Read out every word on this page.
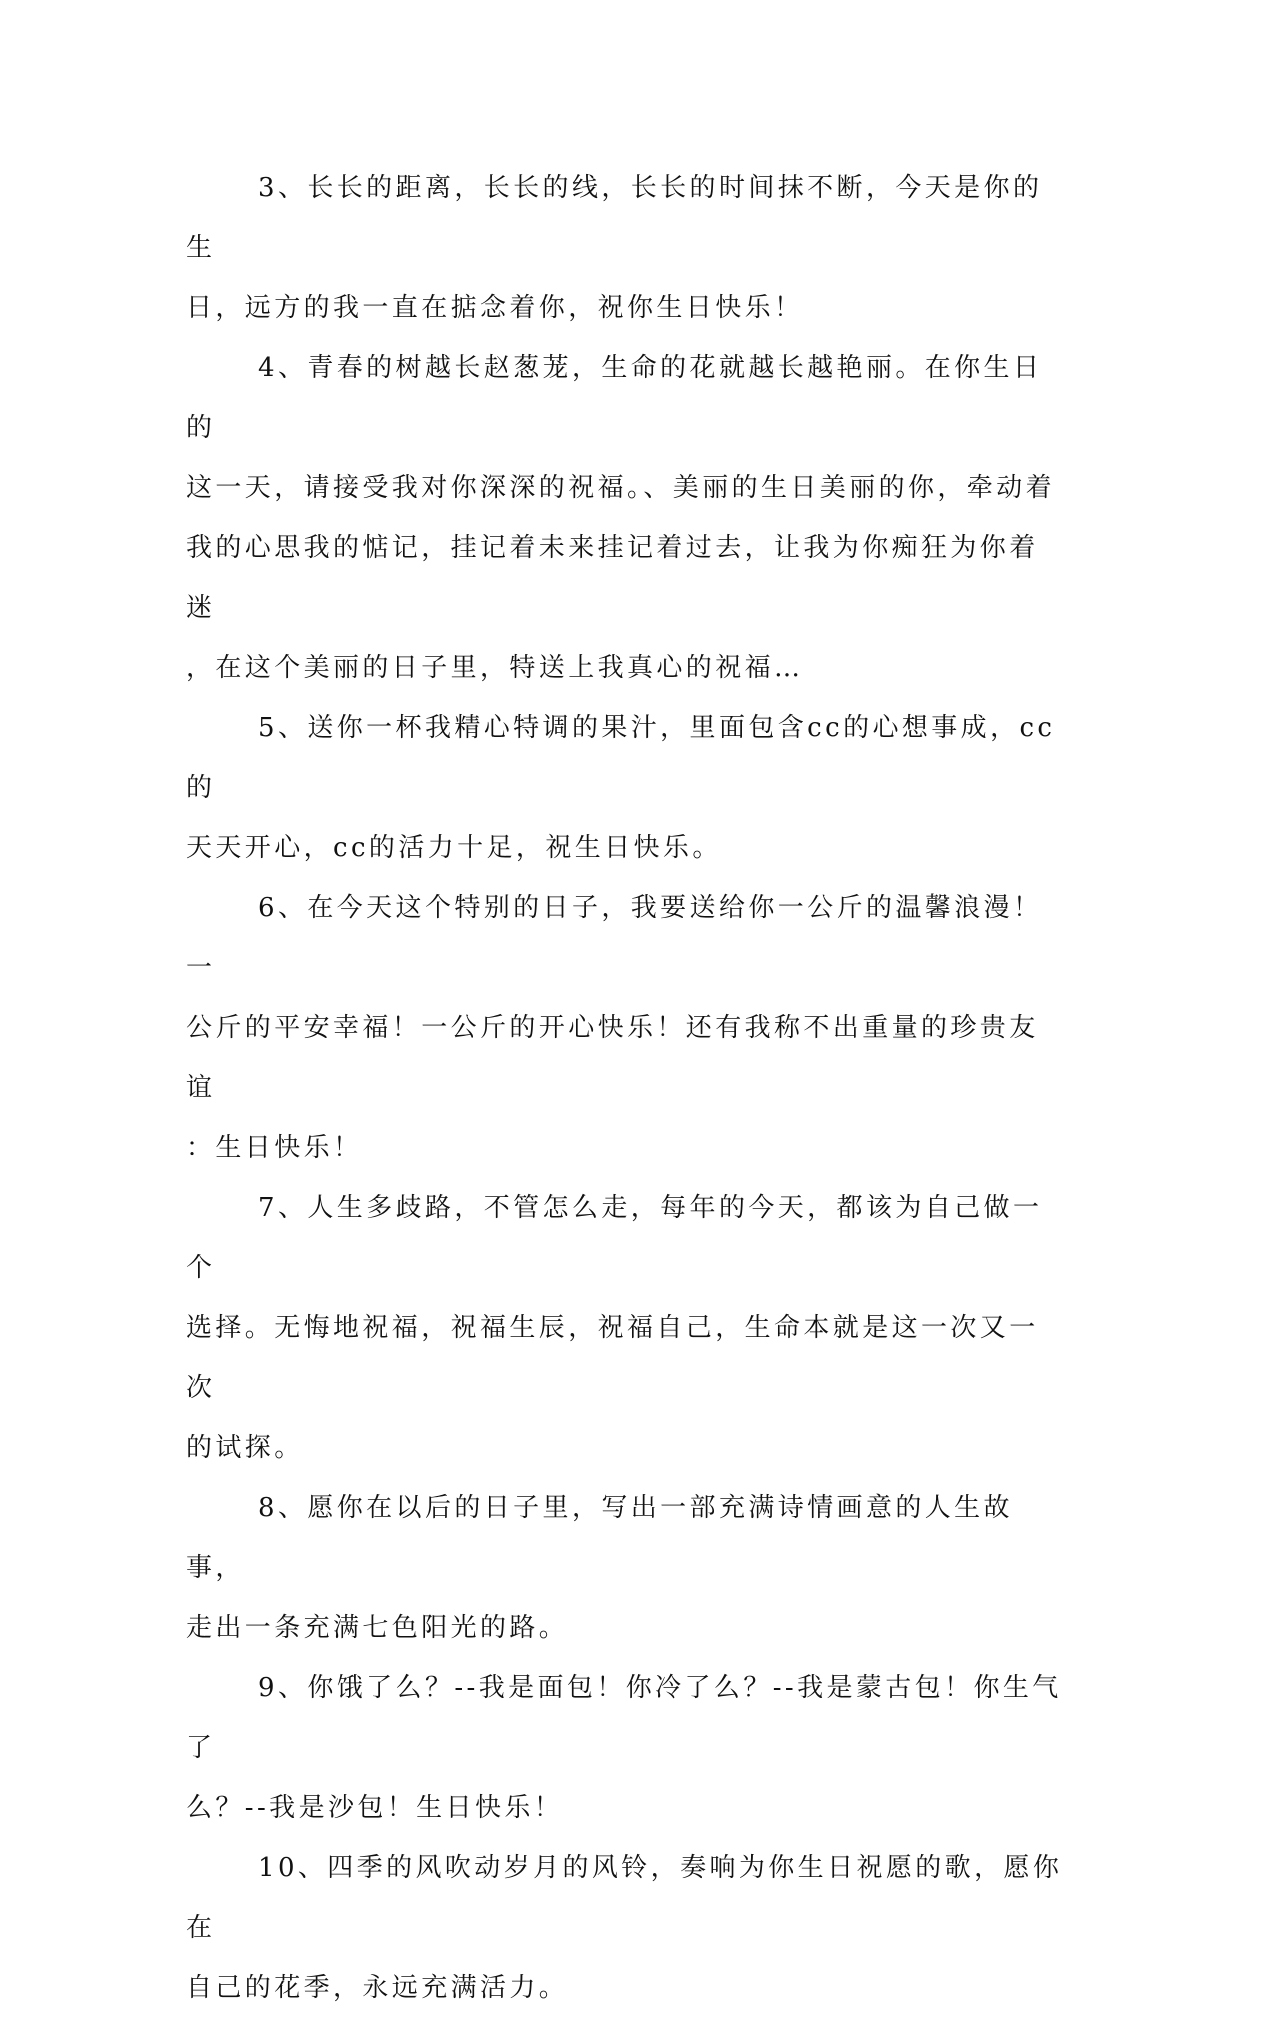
3、长长的距离，长长的线，长长的时间抹不断，今天是你的生
日，远方的我一直在掂念着你，祝你生日快乐！

4、青春的树越长赵葱茏，生命的花就越长越艳丽。在你生日的
这一天，请接受我对你深深的祝福。、美丽的生日美丽的你，牵动着
我的心思我的惦记，挂记着未来挂记着过去，让我为你痴狂为你着迷
，在这个美丽的日子里，特送上我真心的祝福…

5、送你一杯我精心特调的果汁，里面包含cc的心想事成，cc的
天天开心，cc的活力十足，祝生日快乐。

6、在今天这个特别的日子，我要送给你一公斤的温馨浪漫！一
公斤的平安幸福！一公斤的开心快乐！还有我称不出重量的珍贵友谊
：生日快乐！

7、人生多歧路，不管怎么走，每年的今天，都该为自己做一个
选择。无悔地祝福，祝福生辰，祝福自己，生命本就是这一次又一次
的试探。

8、愿你在以后的日子里，写出一部充满诗情画意的人生故事，
走出一条充满七色阳光的路。

9、你饿了么？--我是面包！你冷了么？--我是蒙古包！你生气了
么？--我是沙包！生日快乐！

10、四季的风吹动岁月的风铃，奏响为你生日祝愿的歌，愿你在
自己的花季，永远充满活力。
